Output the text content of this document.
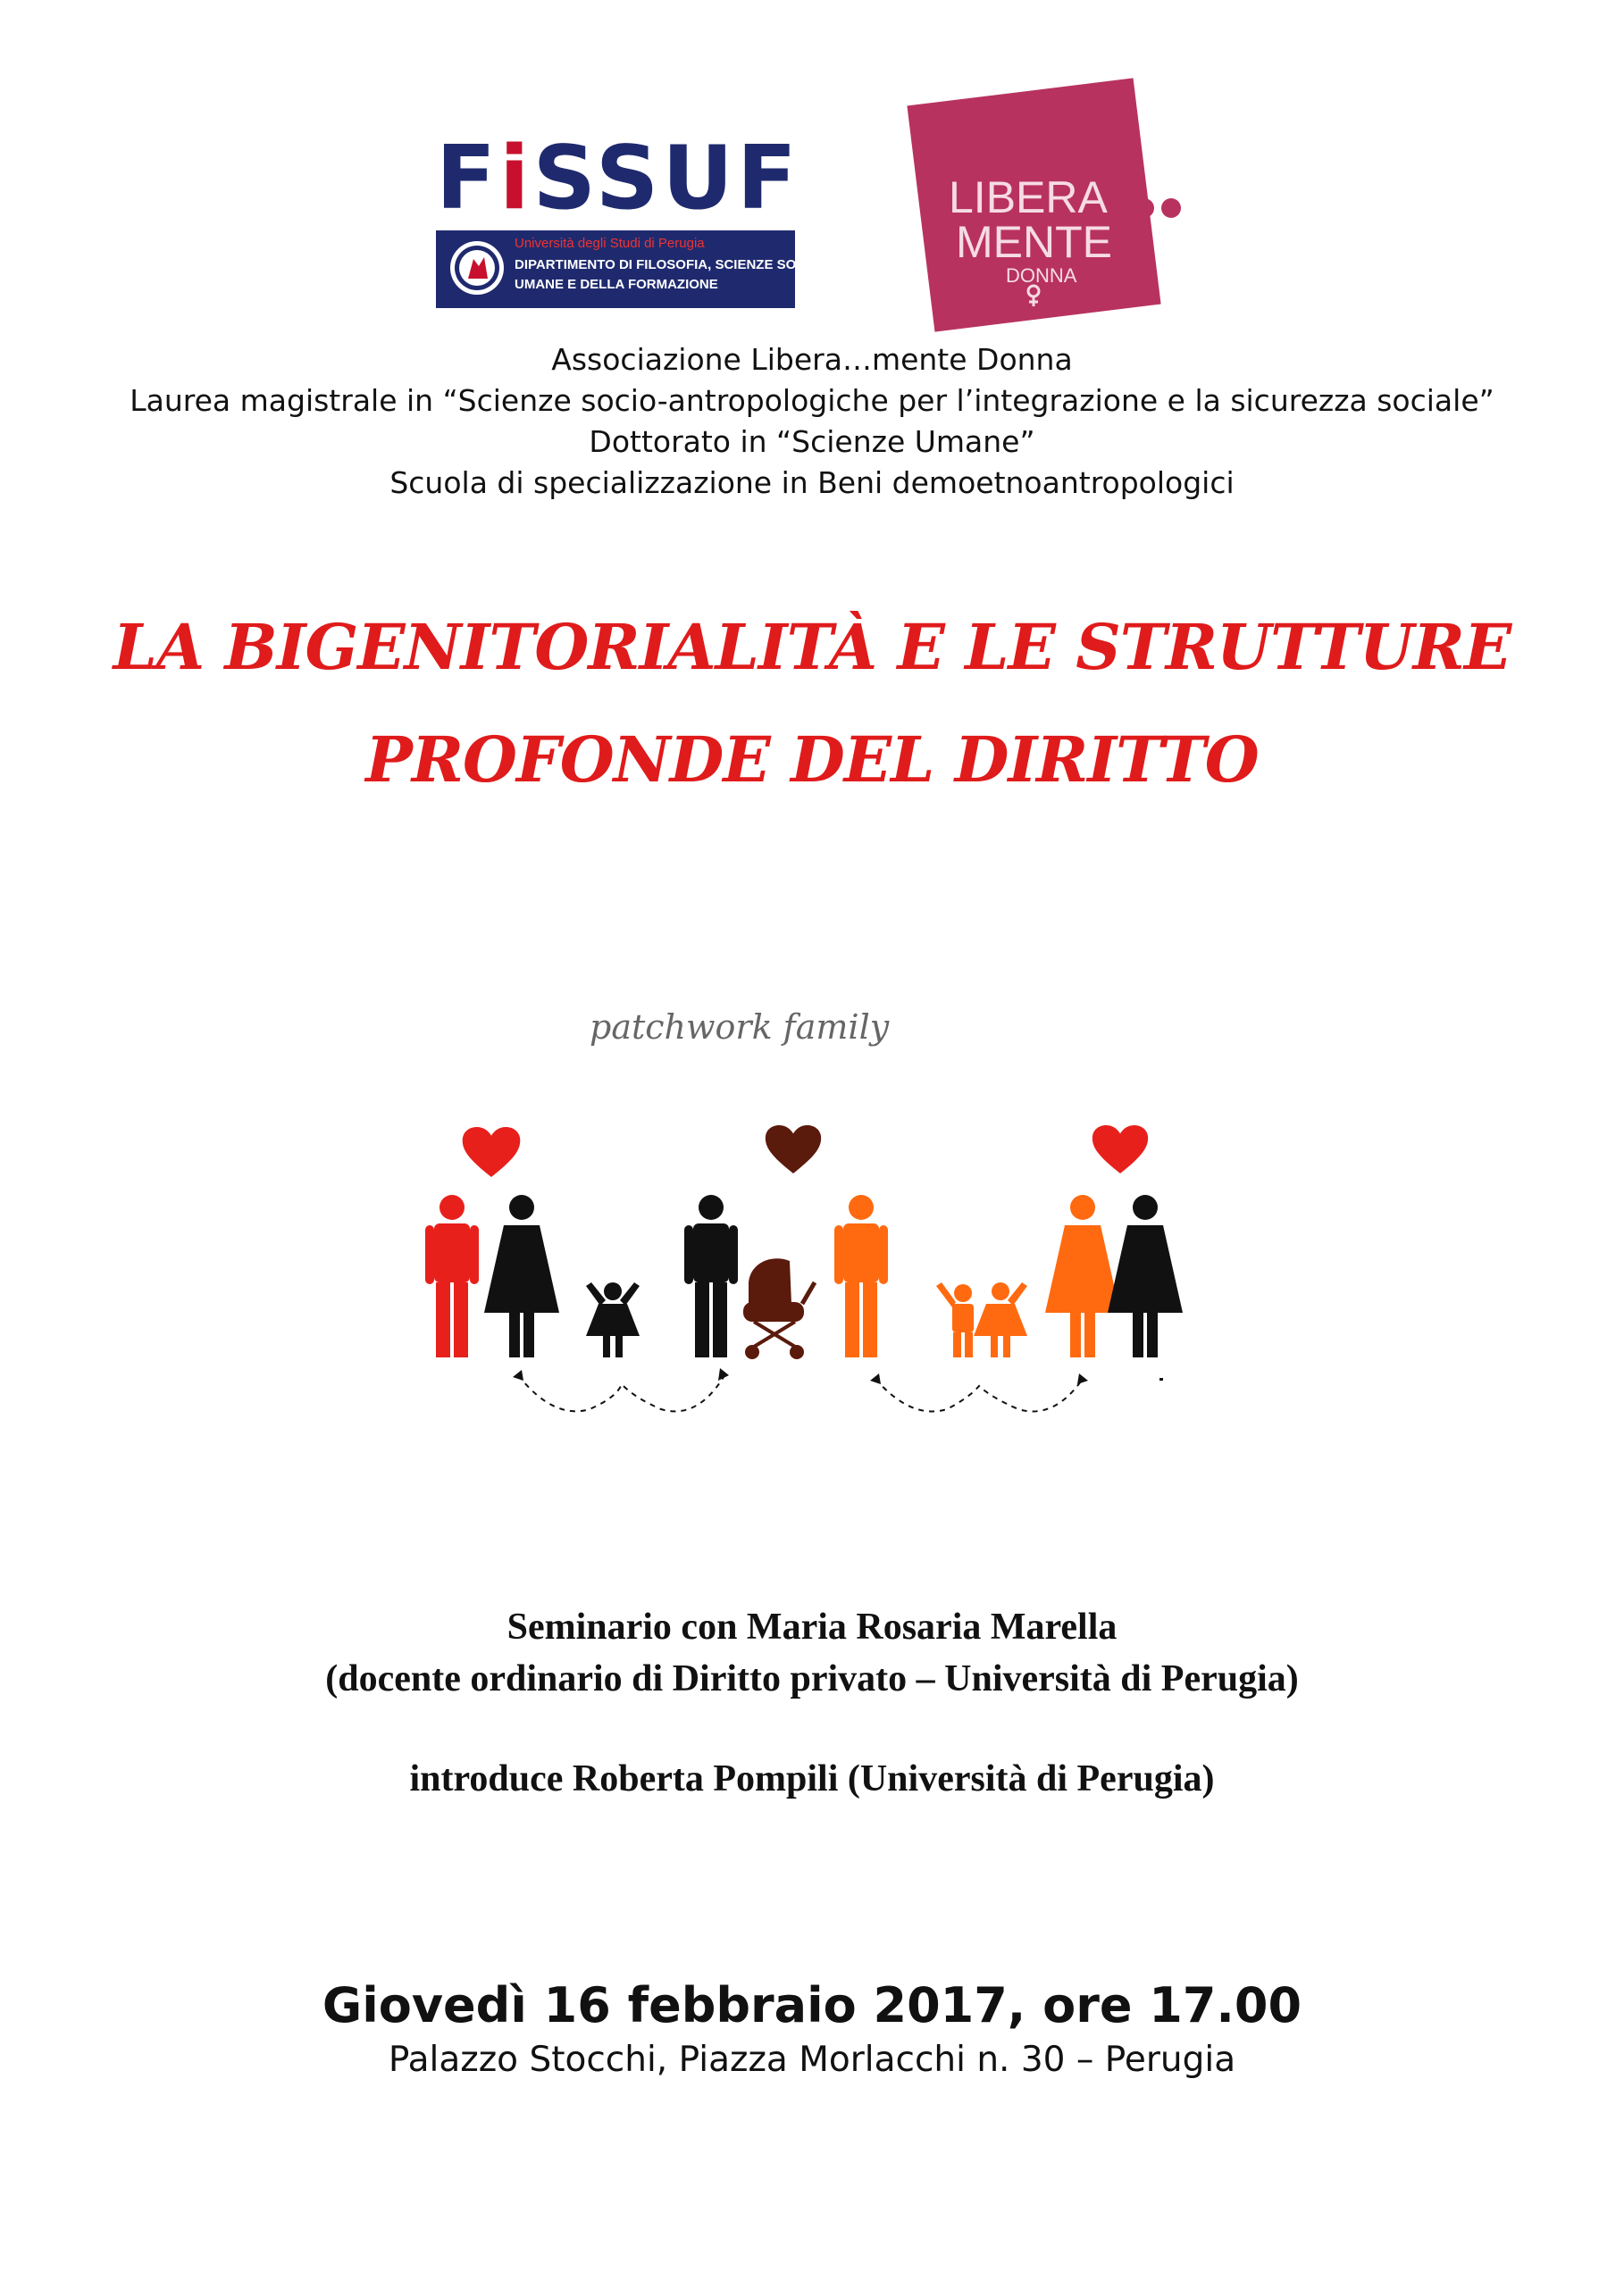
FiSSUF
Università degli Studi di Perugia
DIPARTIMENTO DI FILOSOFIA, SCIENZE SOCIALI,
UMANE E DELLA FORMAZIONE
LIBERA
MENTE
DONNA
Associazione Libera…mente Donna
Laurea magistrale in “Scienze socio-antropologiche per l’integrazione e la sicurezza sociale”
Dottorato in “Scienze Umane”
Scuola di specializzazione in Beni demoetnoantropologici
LA BIGENITORIALITÀ E LE STRUTTURE
PROFONDE DEL DIRITTO
patchwork family
Seminario con Maria Rosaria Marella
(docente ordinario di Diritto privato – Università di Perugia)
introduce Roberta Pompili (Università di Perugia)
Giovedì 16 febbraio 2017, ore 17.00
Palazzo Stocchi, Piazza Morlacchi n. 30 – Perugia
